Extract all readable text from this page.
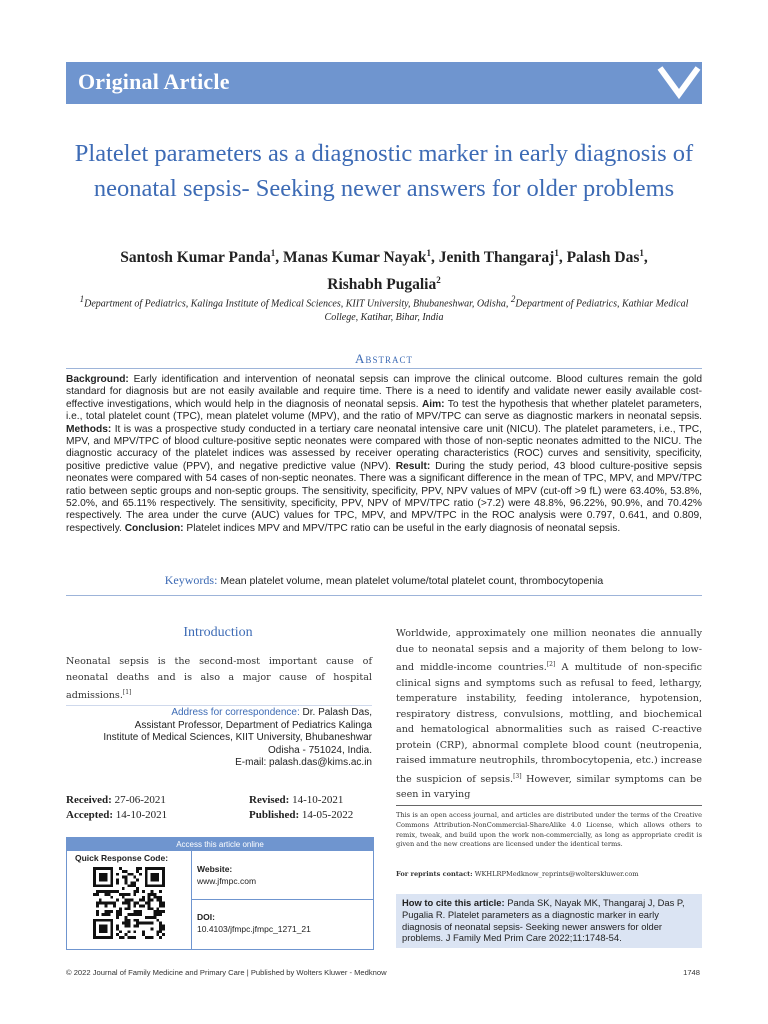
Original Article
Platelet parameters as a diagnostic marker in early diagnosis of neonatal sepsis- Seeking newer answers for older problems
Santosh Kumar Panda$^1$, Manas Kumar Nayak$^1$, Jenith Thangaraj$^1$, Palash Das$^1$,
Rishabh Pugalia$^2$
$^1$Department of Pediatrics, Kalinga Institute of Medical Sciences, KIIT University, Bhubaneshwar, Odisha, $^2$Department of Pediatrics, Kathiar Medical College, Katihar, Bihar, India
Abstract
Background: Early identification and intervention of neonatal sepsis can improve the clinical outcome. Blood cultures remain the gold standard for diagnosis but are not easily available and require time. There is a need to identify and validate newer easily available cost-effective investigations, which would help in the diagnosis of neonatal sepsis. Aim: To test the hypothesis that whether platelet parameters, i.e., total platelet count (TPC), mean platelet volume (MPV), and the ratio of MPV/TPC can serve as diagnostic markers in neonatal sepsis. Methods: It is was a prospective study conducted in a tertiary care neonatal intensive care unit (NICU). The platelet parameters, i.e., TPC, MPV, and MPV/TPC of blood culture-positive septic neonates were compared with those of non-septic neonates admitted to the NICU. The diagnostic accuracy of the platelet indices was assessed by receiver operating characteristics (ROC) curves and sensitivity, specificity, positive predictive value (PPV), and negative predictive value (NPV). Result: During the study period, 43 blood culture-positive sepsis neonates were compared with 54 cases of non-septic neonates. There was a significant difference in the mean of TPC, MPV, and MPV/TPC ratio between septic groups and non-septic groups. The sensitivity, specificity, PPV, NPV values of MPV (cut-off >9 fL) were 63.40%, 53.8%, 52.0%, and 65.11% respectively. The sensitivity, specificity, PPV, NPV of MPV/TPC ratio (>7.2) were 48.8%, 96.22%, 90.9%, and 70.42% respectively. The area under the curve (AUC) values for TPC, MPV, and MPV/TPC in the ROC analysis were 0.797, 0.641, and 0.809, respectively. Conclusion: Platelet indices MPV and MPV/TPC ratio can be useful in the early diagnosis of neonatal sepsis.
Keywords: Mean platelet volume, mean platelet volume/total platelet count, thrombocytopenia
Introduction
Neonatal sepsis is the second-most important cause of neonatal deaths and is also a major cause of hospital admissions.[1]
Address for correspondence: Dr. Palash Das,
Assistant Professor, Department of Pediatrics Kalinga
Institute of Medical Sciences, KIIT University, Bhubaneshwar
Odisha - 751024, India.
E-mail: palash.das@kims.ac.in
Received: 27-06-2021	Revised: 14-10-2021
Accepted: 14-10-2021	Published: 14-05-2022
Access this article online
Quick Response Code:
Website:
www.jfmpc.com
DOI:
10.4103/jfmpc.jfmpc_1271_21
Worldwide, approximately one million neonates die annually due to neonatal sepsis and a majority of them belong to low- and middle-income countries.[2] A multitude of non-specific clinical signs and symptoms such as refusal to feed, lethargy, temperature instability, feeding intolerance, hypotension, respiratory distress, convulsions, mottling, and biochemical and hematological abnormalities such as raised C-reactive protein (CRP), abnormal complete blood count (neutropenia, raised immature neutrophils, thrombocytopenia, etc.) increase the suspicion of sepsis.[3] However, similar symptoms can be seen in varying
This is an open access journal, and articles are distributed under the terms of the Creative Commons Attribution-NonCommercial-ShareAlike 4.0 License, which allows others to remix, tweak, and build upon the work non-commercially, as long as appropriate credit is given and the new creations are licensed under the identical terms.
For reprints contact: WKHLRPMedknow_reprints@wolterskluwer.com
How to cite this article: Panda SK, Nayak MK, Thangaraj J, Das P, Pugalia R. Platelet parameters as a diagnostic marker in early diagnosis of neonatal sepsis- Seeking newer answers for older problems. J Family Med Prim Care 2022;11:1748-54.
© 2022 Journal of Family Medicine and Primary Care | Published by Wolters Kluwer - Medknow	1748
